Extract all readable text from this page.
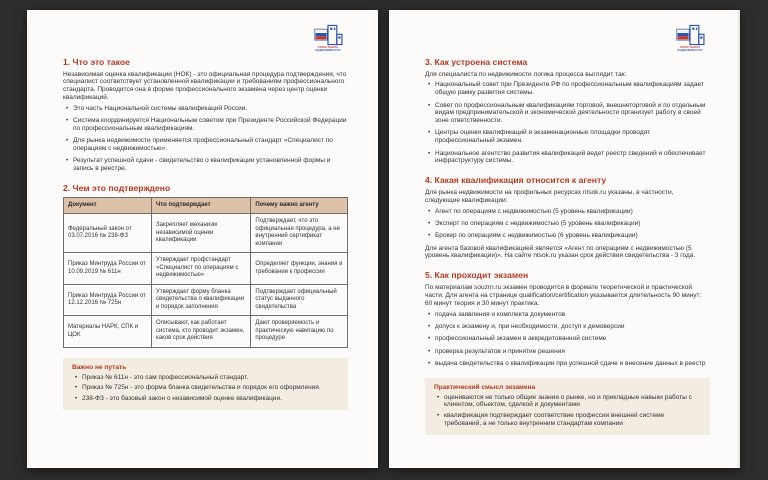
СОЮЗ РЫНКА
НЕДВИЖИМОСТИ
1. Что это такое

Независимая оценка квалификации (НОК) - это официальная процедура подтверждения, что специалист соответствует установленной квалификации и требованиям профессионального стандарта. Проводится она в форме профессионального экзамена через центр оценки квалификаций.

• Это часть Национальной системы квалификаций России.
• Система координируется Национальным советом при Президенте Российской Федерации по профессиональным квалификациям.
• Для рынка недвижимости применяется профессиональный стандарт «Специалист по операциям с недвижимостью».
• Результат успешной сдачи - свидетельство о квалификации установленной формы и запись в реестре.
2. Чем это подтверждено
Документ	Что подтверждает	Почему важно агенту
Федеральный закон от 03.07.2016 № 238-ФЗ	Закрепляет механизм независимой оценки квалификации	Подтверждает, что это официальная процедура, а не внутренний сертификат компании
Приказ Минтруда России от 10.09.2019 № 611н	Утверждает профстандарт «Специалист по операциям с недвижимостью»	Определяет функции, знания и требования к профессии
Приказ Минтруда России от 12.12.2016 № 725н	Утверждает форму бланка свидетельства о квалификации и порядок заполнения	Подтверждает официальный статус выданного свидетельства
Материалы НАРК, СПК и ЦОК	Описывают, как работает система, кто проводит экзамен, каков срок действия	Дают проверяемость и практическую навигацию по процедуре
Важно не путать
• Приказ № 611н - это сам профессиональный стандарт.
• Приказ № 725н - это форма бланка свидетельства и порядок его оформления.
• 238-ФЗ - это базовый закон о независимой оценке квалификации.
СОЮЗ РЫНКА
НЕДВИЖИМОСТИ
3. Как устроена система

Для специалиста по недвижимости логика процесса выглядит так:

• Национальный совет при Президенте РФ по профессиональным квалификациям задает общую рамку развития системы.
• Совет по профессиональным квалификациям торговой, внешнеторговой и по отдельным видам предпринимательской и экономической деятельности организует работу в своей зоне ответственности.
• Центры оценки квалификаций и экзаменационные площадки проводят профессиональный экзамен.
• Национальное агентство развития квалификаций ведет реестр сведений и обеспечивает инфраструктуру системы.
4. Какая квалификация относится к агенту

Для рынка недвижимости на профильных ресурсах ntsok.ru указаны, в частности, следующие квалификации:

• Агент по операциям с недвижимостью (5 уровень квалификации)
• Эксперт по операциям с недвижимостью (5 уровень квалификации)
• Брокер по операциям с недвижимостью (6 уровень квалификации)

Для агента базовой квалификацией является «Агент по операциям с недвижимостью (5 уровень квалификации)». На сайте ntsok.ru указан срок действия свидетельства - 3 года.

5. Как проходит экзамен

По материалам souzrn.ru экзамен проводится в формате теоретической и практической части. Для агента на странице qualification/certification указывается длительность 90 минут: 60 минут теория и 30 минут практика.

• подача заявления и комплекта документов
• допуск к экзамену и, при необходимости, доступ к демоверсии
• профессиональный экзамен в аккредитованной системе
• проверка результатов и принятие решения
• выдача свидетельства о квалификации при успешной сдаче и внесение данных в реестр
Практический смысл экзамена
• оцениваются не только общие знания о рынке, но и прикладные навыки работы с клиентом, объектом, сделкой и документами
• квалификация подтверждает соответствие профессии внешней системе требований, а не только внутренним стандартам компании
